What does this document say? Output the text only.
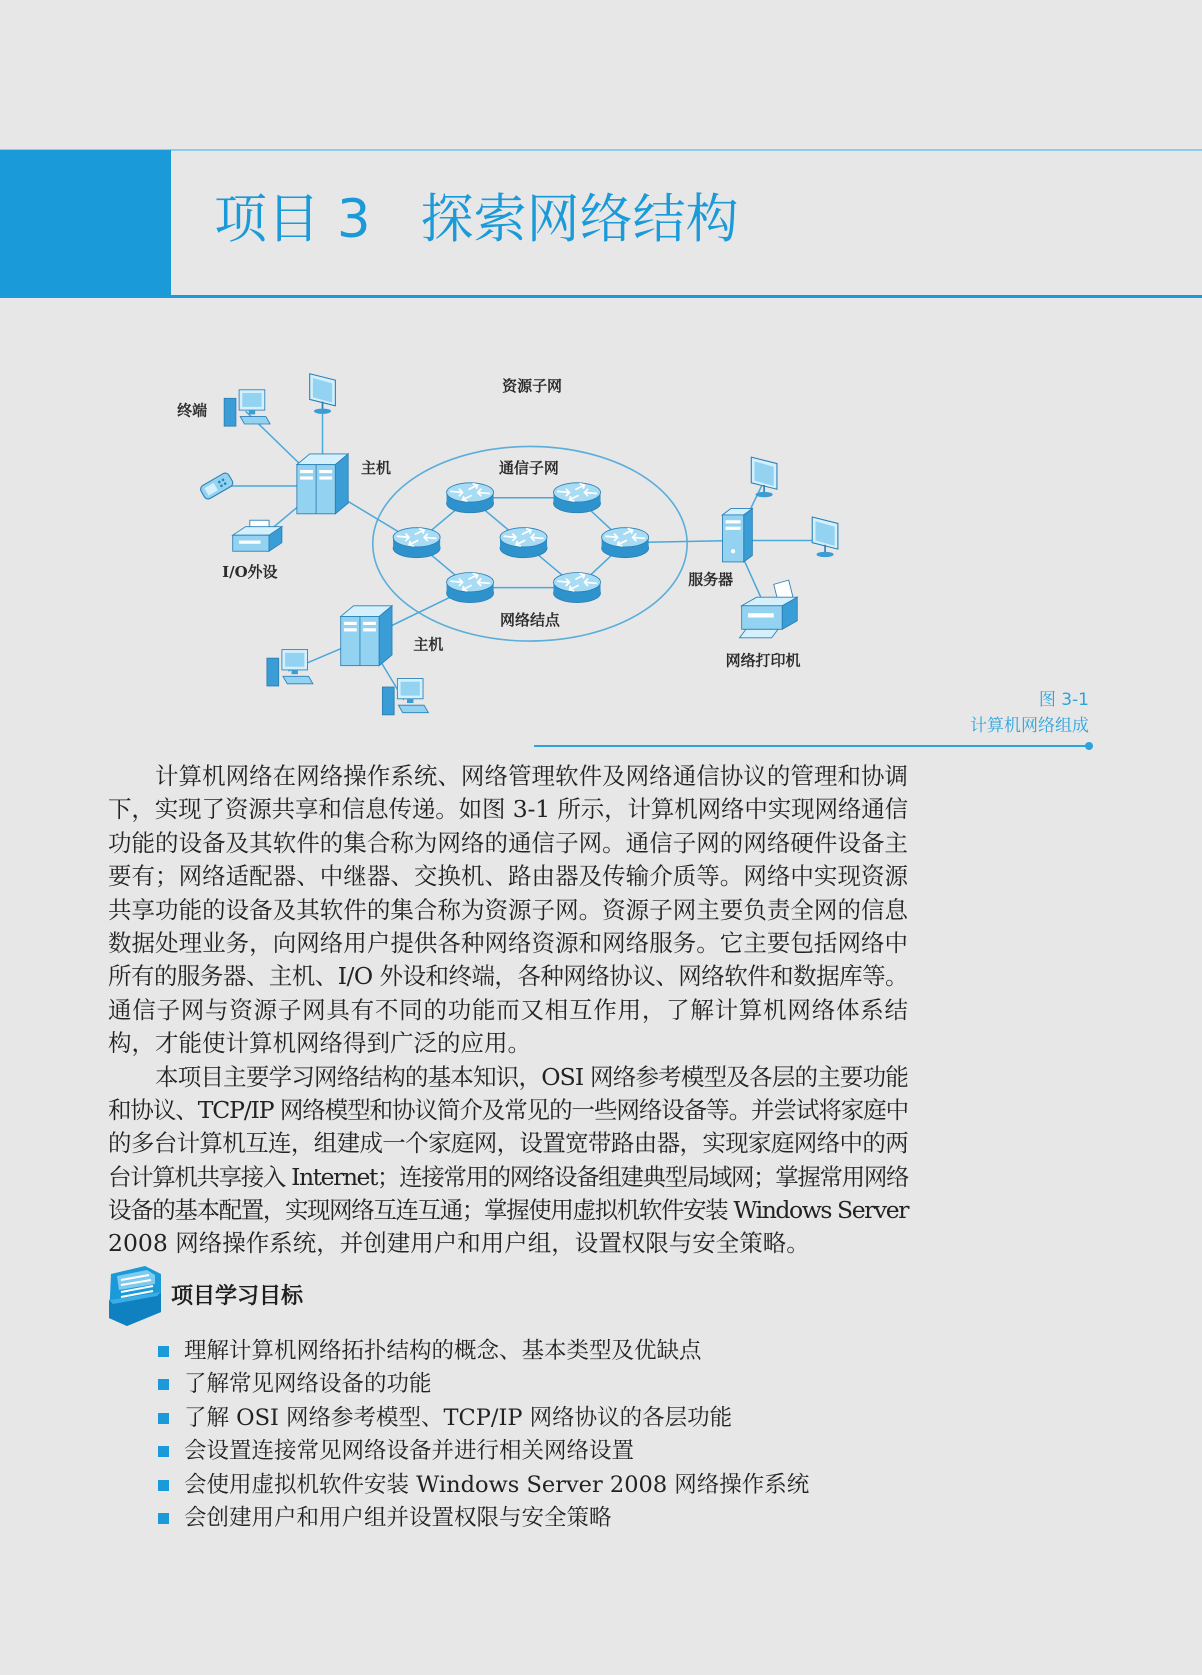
项目 3 探索网络结构
资源子网
终端
主机	通信子网
I/O外设	服务器
网络结点
主机
网络打印机
图 3-1
计算机网络组成
计算机网络在网络操作系统、网络管理软件及网络通信协议的管理和协调
下，实现了资源共享和信息传递。如图 3-1 所示，计算机网络中实现网络通信
功能的设备及其软件的集合称为网络的通信子网。通信子网的网络硬件设备主
要有；网络适配器、中继器、交换机、路由器及传输介质等。网络中实现资源
共享功能的设备及其软件的集合称为资源子网。资源子网主要负责全网的信息
数据处理业务，向网络用户提供各种网络资源和网络服务。它主要包括网络中
所有的服务器、主机、I/O 外设和终端，各种网络协议、网络软件和数据库等。
通信子网与资源子网具有不同的功能而又相互作用，了解计算机网络体系结
构，才能使计算机网络得到广泛的应用。
本项目主要学习网络结构的基本知识，OSI 网络参考模型及各层的主要功能
和协议、TCP/IP 网络模型和协议简介及常见的一些网络设备等。并尝试将家庭中
的多台计算机互连，组建成一个家庭网，设置宽带路由器，实现家庭网络中的两
台计算机共享接入 Internet；连接常用的网络设备组建典型局域网；掌握常用网络
设备的基本配置，实现网络互连互通；掌握使用虚拟机软件安装 Windows Server
2008 网络操作系统，并创建用户和用户组，设置权限与安全策略。
项目学习目标
理解计算机网络拓扑结构的概念、基本类型及优缺点
了解常见网络设备的功能
了解 OSI 网络参考模型、TCP/IP 网络协议的各层功能
会设置连接常见网络设备并进行相关网络设置
会使用虚拟机软件安装 Windows Server 2008 网络操作系统
会创建用户和用户组并设置权限与安全策略
